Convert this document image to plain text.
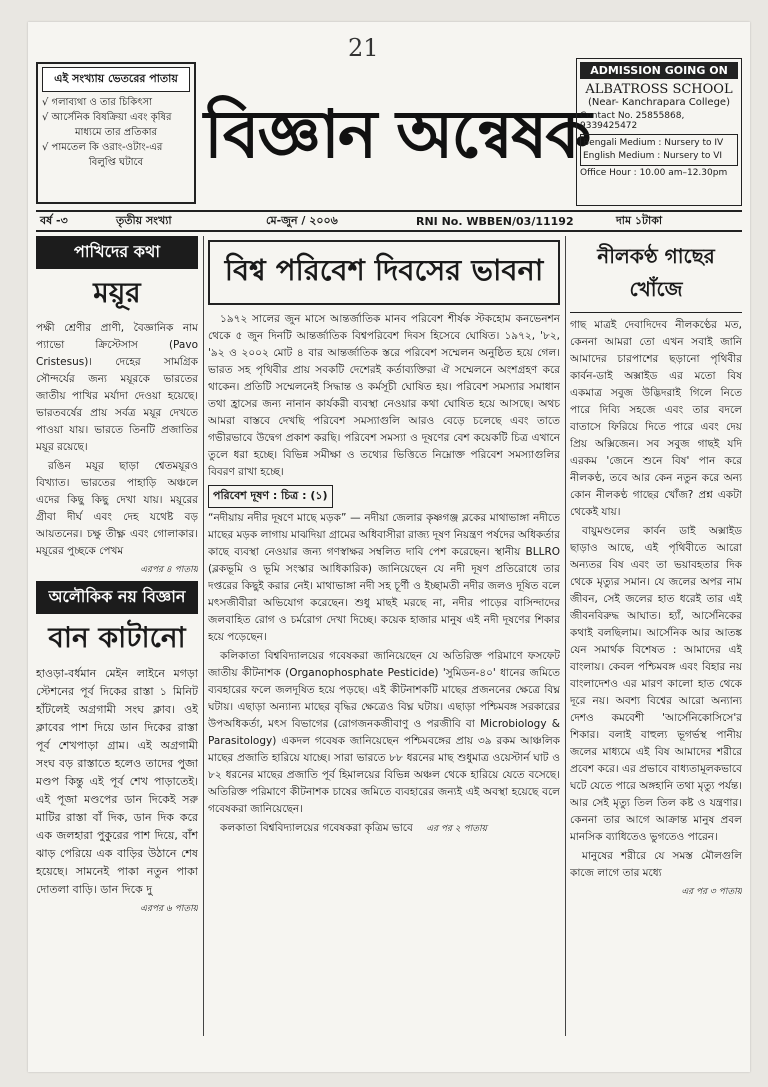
21
এই সংখ্যায় ভেতরের পাতায়
√ গলাব্যথা ও তার চিকিৎসা
√ আর্সেনিক বিষক্রিয়া এবং কৃষির
মাধ্যমে তার প্রতিকার
√ পামতেল কি ওরাং-ওটাং-এর
বিলুপ্তি ঘটাবে বিজ্ঞান অন্বেষক
ADMISSION GOING ON
ALBATROSS SCHOOL
(Near- Kanchrapara College)
Contact No. 25855868, 9339425472
Bengali Medium : Nursery to IV
English Medium : Nursery to VI
Office Hour : 10.00 am–12.30pm
বর্ষ -৩	তৃতীয় সংখ্যা	মে-জুন / ২০০৬	RNI No. WBBEN/03/11192	দাম ১টাকা
পাখিদের কথা
ময়ূর
পক্ষী শ্রেণীর প্রাণী, বৈজ্ঞানিক নাম প্যাভো ক্রিস্টেসাস (Pavo Cristesus)। দেহের সামগ্রিক সৌন্দর্যের জন্য ময়ূরকে ভারতের জাতীয় পাখির মর্যাদা দেওয়া হয়েছে। ভারতবর্ষের প্রায় সর্বত্র ময়ূর দেখতে পাওয়া যায়। ভারতে তিনটি প্রজাতির ময়ূর রয়েছে।
রঙিন ময়ূর ছাড়া শ্বেতময়ূরও বিখ্যাত। ভারতের পাহাড়ি অঞ্চলে এদের কিছু কিছু দেখা যায়। ময়ূরের গ্রীবা দীর্ঘ এবং দেহ যথেষ্ট বড় আয়তনের। চক্ষু তীক্ষ্ণ এবং গোলাকার। ময়ূরের পুচ্ছকে পেখম
এরপর ৪ পাতায়
অলৌকিক নয় বিজ্ঞান
বান কাটানো
হাওড়া-বর্ধমান মেইন লাইনে মগড়া স্টেশনের পূর্ব দিকের রাস্তা ১ মিনিট হাঁটলেই অগ্রগামী সংঘ ক্লাব। ওই ক্লাবের পাশ দিয়ে ডান দিকের রাস্তা পূর্ব শেখপাড়া গ্রাম। এই অগ্রগামী সংঘ বড় রাস্তাতে হলেও তাদের পুজা মণ্ডপ কিন্তু এই পূর্ব শেখ পাড়াতেই। এই পূজা মণ্ডপের ডান দিকেই সরু মাটির রাস্তা বাঁ দিক, ডান দিক করে এক জলহারা পুকুরের পাশ দিয়ে, বাঁশ ঝাড় পেরিয়ে এক বাড়ির উঠানে শেষ হয়েছে। সামনেই পাকা নতুন পাকা দোতলা বাড়ি। ডান দিকে দু
এরপর ৬ পাতায়
বিশ্ব পরিবেশ দিবসের ভাবনা
১৯৭২ সালের জুন মাসে আন্তর্জাতিক মানব পরিবেশ শীর্ষক স্টকহোম কনভেনশন থেকে ৫ জুন দিনটি আন্তর্জাতিক বিশ্বপরিবেশ দিবস হিসেবে ঘোষিত। ১৯৭২, '৮২, '৯২ ও ২০০২ মোট ৪ বার আন্তর্জাতিক স্তরে পরিবেশ সম্মেলন অনুষ্ঠিত হয়ে গেল। ভারত সহ পৃথিবীর প্রায় সবকটি দেশেরই কর্তাব্যক্তিরা ঐ সম্মেলনে অংশগ্রহণ করে থাকেন। প্রতিটি সম্মেলনেই সিদ্ধান্ত ও কর্মসূচী ঘোষিত হয়। পরিবেশ সমস্যার সমাধান তথা হ্রাসের জন্য নানান কার্যকরী ব্যবস্থা নেওয়ার কথা ঘোষিত হয়ে আসছে। অথচ আমরা বাস্তবে দেখছি পরিবেশ সমস্যাগুলি আরও বেড়ে চলেছে এবং তাতে গভীরভাবে উদ্বেগ প্রকাশ করছি। পরিবেশ সমস্যা ও দূষণের বেশ কয়েকটি চিত্র এখানে তুলে ধরা হচ্ছে। বিভিন্ন সমীক্ষা ও তথ্যের ভিত্তিতে নিম্নোক্ত পরিবেশ সমস্যাগুলির বিবরণ রাখা হচ্ছে।
পরিবেশ দূষণ : চিত্র : (১)
“নদীয়ায় নদীর দূষণে মাছে মড়ক” — নদীয়া জেলার কৃষ্ণগঞ্জ ব্লকের মাথাভাঙ্গা নদীতে মাছের মড়ক লাগায় মাঝদিয়া গ্রামের অধিবাসীরা রাজ্য দূষণ নিয়ন্ত্রণ পর্ষদের অধিকর্তার কাছে ব্যবস্থা নেওয়ার জন্য গণস্বাক্ষর সম্বলিত দাবি পেশ করেছেন। স্থানীয় BLLRO (ব্লকভূমি ও ভূমি সংস্কার আধিকারিক) জানিয়েছেন যে নদী দূষণ প্রতিরোধে তার দপ্তরের কিছুই করার নেই। মাথাভাঙ্গা নদী সহ চূর্ণী ও ইচ্ছামতী নদীর জলও দূষিত বলে মৎসজীবীরা অভিযোগ করেছেন। শুধু মাছই মরছে না, নদীর পাড়ের বাসিন্দাদের জলবাহিত রোগ ও চর্মরোগ দেখা দিচ্ছে। কয়েক হাজার মানুষ এই নদী দূষণের শিকার হয়ে পড়েছেন।
কলিকাতা বিশ্ববিদ্যালয়ের গবেষকরা জানিয়েছেন যে অতিরিক্ত পরিমাণে ফসফেট জাতীয় কীটনাশক (Organophosphate Pesticide) 'সুমিডন-৪০' ধানের জমিতে ব্যবহারের ফলে জলদূষিত হয়ে পড়ছে। এই কীটনাশকটি মাছের প্রজননের ক্ষেত্রে বিঘ্ন ঘটায়। এছাড়া অন্যান্য মাছের বৃদ্ধির ক্ষেত্রেও বিঘ্ন ঘটায়। এছাড়া পশ্চিমবঙ্গ সরকারের উপঅধিকর্তা, মৎস বিভাগের (রোগজনকজীবাণু ও পরজীবি বা Microbiology & Parasitology) একদল গবেষক জানিয়েছেন পশ্চিমবঙ্গের প্রায় ৩৯ রকম আঞ্চলিক মাছের প্রজাতি হারিয়ে যাচ্ছে। সারা ভারতে ৮৮ ধরনের মাছ শুধুমাত্র ওয়েস্টার্ন ঘাট ও ৮২ ধরনের মাছের প্রজাতি পূর্ব হিমালয়ের বিভিন্ন অঞ্চল থেকে হারিয়ে যেতে বসেছে। অতিরিক্ত পরিমাণে কীটনাশক চাষের জমিতে ব্যবহারের জন্যই এই অবস্থা হয়েছে বলে গবেষকরা জানিয়েছেন।
কলকাতা বিশ্ববিদ্যালয়ের গবেষকরা কৃত্রিম ভাবে এর পর ২ পাতায়
নীলকণ্ঠ গাছের খোঁজে
গাছ মাত্রই দেবাদিদেব নীলকণ্ঠের মত, কেননা আমরা তো এখন সবাই জানি আমাদের চারপাশের ছড়ানো পৃথিবীর কার্বন-ডাই অক্সাইড এর মতো বিষ একমাত্র সবুজ উদ্ভিদরাই গিলে নিতে পারে দিব্যি সহজে এবং তার বদলে বাতাসে ফিরিয়ে দিতে পারে এবং দেয় প্রিয় অক্সিজেন। সব সবুজ গাছই যদি এরকম 'জেনে শুনে বিষ' পান করে নীলকণ্ঠ, তবে আর কেন নতুন করে অন্য কোন নীলকণ্ঠ গাছের খোঁজ? প্রশ্ন একটা থেকেই যায়।
বায়ুমণ্ডলের কার্বন ডাই অক্সাইড ছাড়াও আছে, এই পৃথিবীতে আরো অন্যতর বিষ এবং তা ভয়াবহতার দিক থেকে মৃত্যুর সমান। যে জলের অপর নাম জীবন, সেই জলের হাত ধরেই তার এই জীবনবিরুদ্ধ আঘাত। হ্যাঁ, আর্সেনিকের কথাই বলছিলাম। আর্সেনিক আর আতঙ্ক যেন সমার্থক বিশেষত : আমাদের এই বাংলায়। কেবল পশ্চিমবঙ্গ এবং বিহার নয় বাংলাদেশও এর মারণ কালো হাত থেকে দূরে নয়। অবশ্য বিশ্বের আরো অন্যান্য দেশও কমবেশী 'আর্সেনিকোসিসে'র শিকার। বলাই বাহুল্য ভূগর্ভস্থ পানীয় জলের মাধ্যমে এই বিষ আমাদের শরীরে প্রবেশ করে। এর প্রভাবে বাধ্যতামূলকভাবে ঘটে যেতে পারে অঙ্গহানি তথা মৃত্যু পর্যন্ত। আর সেই মৃত্যু তিল তিল কষ্ট ও যন্ত্রণার। কেননা তার আগে আক্রান্ত মানুষ প্রবল মানসিক ব্যাধিতেও ভুগতেও পারেন।
মানুষের শরীরে যে সমস্ত মৌলগুলি কাজে লাগে তার মধ্যে
এর পর ৩ পাতায়
